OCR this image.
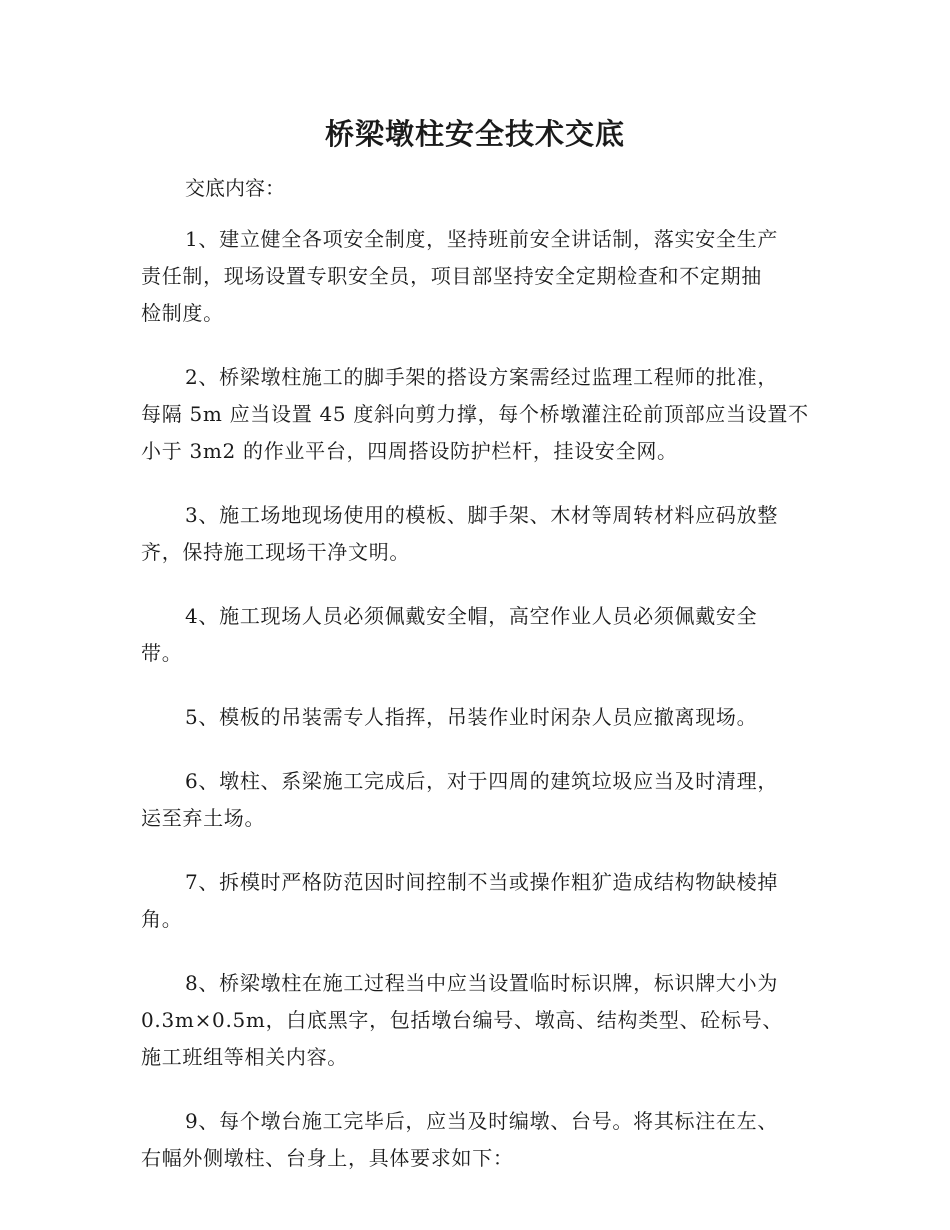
桥梁墩柱安全技术交底

交底内容：

1、建立健全各项安全制度，坚持班前安全讲话制，落实安全生产
责任制，现场设置专职安全员，项目部坚持安全定期检查和不定期抽
检制度。

2、桥梁墩柱施工的脚手架的搭设方案需经过监理工程师的批准，
每隔 5m 应当设置 45 度斜向剪力撑，每个桥墩灌注砼前顶部应当设置不
小于 3m2 的作业平台，四周搭设防护栏杆，挂设安全网。

3、施工场地现场使用的模板、脚手架、木材等周转材料应码放整
齐，保持施工现场干净文明。

4、施工现场人员必须佩戴安全帽，高空作业人员必须佩戴安全
带。

5、模板的吊装需专人指挥，吊装作业时闲杂人员应撤离现场。

6、墩柱、系梁施工完成后，对于四周的建筑垃圾应当及时清理，
运至弃土场。

7、拆模时严格防范因时间控制不当或操作粗犷造成结构物缺棱掉
角。

8、桥梁墩柱在施工过程当中应当设置临时标识牌，标识牌大小为
0.3m×0.5m，白底黑字，包括墩台编号、墩高、结构类型、砼标号、
施工班组等相关内容。

9、每个墩台施工完毕后，应当及时编墩、台号。将其标注在左、
右幅外侧墩柱、台身上，具体要求如下：
